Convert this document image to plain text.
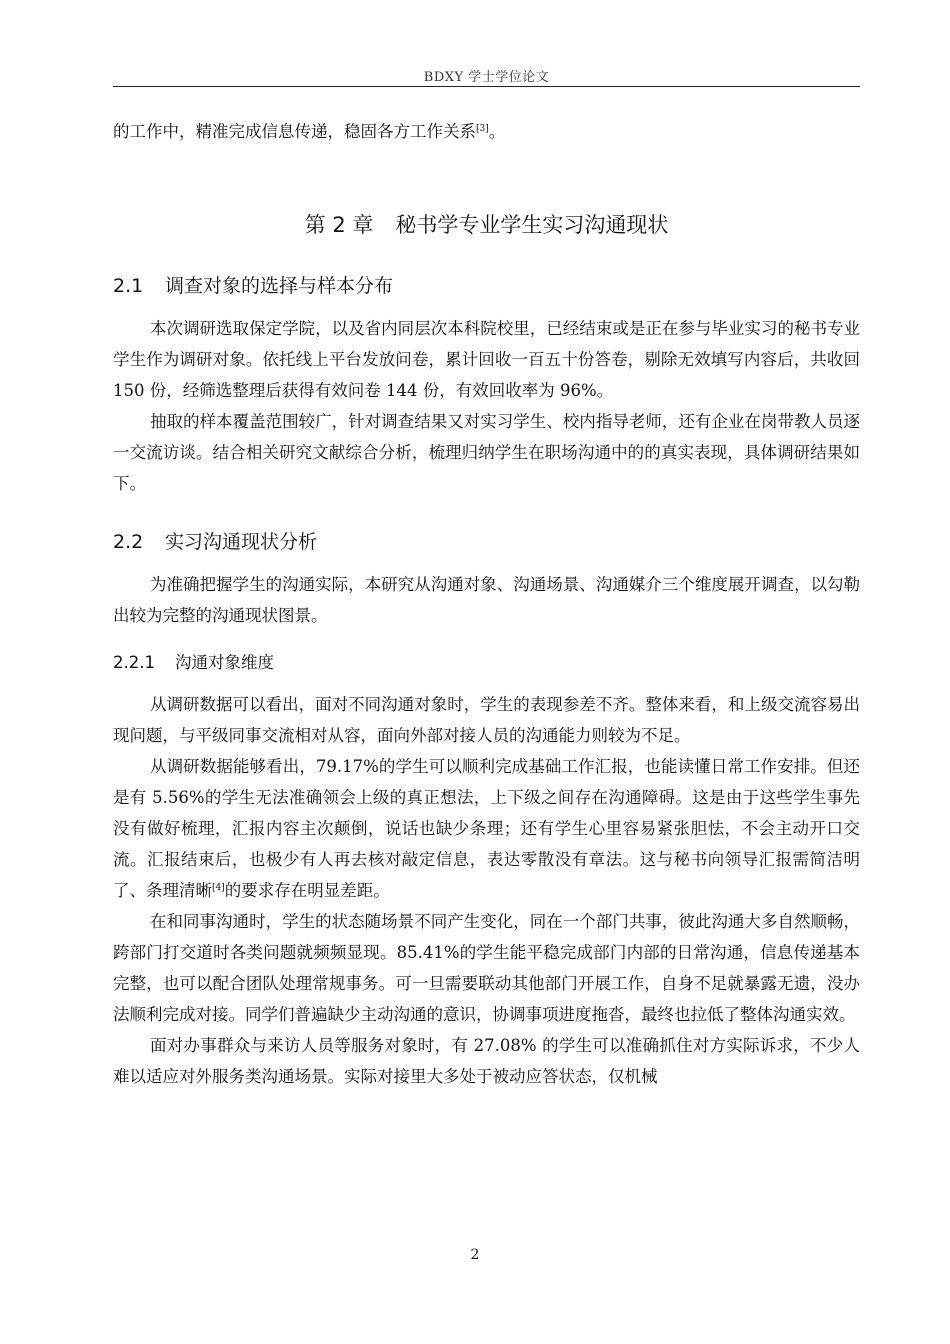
BDXY 学士学位论文

的工作中，精准完成信息传递，稳固各方工作关系[3]。

第 2 章 秘书学专业学生实习沟通现状
2.1 调查对象的选择与样本分布

本次调研选取保定学院，以及省内同层次本科院校里，已经结束或是正在参与毕业实习的秘书专业学生作为调研对象。依托线上平台发放问卷，累计回收一百五十份答卷，剔除无效填写内容后，共收回 150 份，经筛选整理后获得有效问卷 144 份，有效回收率为 96%。

抽取的样本覆盖范围较广，针对调查结果又对实习学生、校内指导老师，还有企业在岗带教人员逐一交流访谈。结合相关研究文献综合分析，梳理归纳学生在职场沟通中的的真实表现，具体调研结果如下。

2.2 实习沟通现状分析

为准确把握学生的沟通实际，本研究从沟通对象、沟通场景、沟通媒介三个维度展开调查，以勾勒出较为完整的沟通现状图景。

2.2.1 沟通对象维度

从调研数据可以看出，面对不同沟通对象时，学生的表现参差不齐。整体来看，和上级交流容易出现问题，与平级同事交流相对从容，面向外部对接人员的沟通能力则较为不足。

从调研数据能够看出，79.17%的学生可以顺利完成基础工作汇报，也能读懂日常工作安排。但还是有 5.56%的学生无法准确领会上级的真正想法，上下级之间存在沟通障碍。这是由于这些学生事先没有做好梳理，汇报内容主次颠倒，说话也缺少条理；还有学生心里容易紧张胆怯，不会主动开口交流。汇报结束后，也极少有人再去核对敲定信息，表达零散没有章法。这与秘书向领导汇报需简洁明了、条理清晰[4]的要求存在明显差距。

在和同事沟通时，学生的状态随场景不同产生变化，同在一个部门共事，彼此沟通大多自然顺畅，跨部门打交道时各类问题就频频显现。85.41%的学生能平稳完成部门内部的日常沟通，信息传递基本完整，也可以配合团队处理常规事务。可一旦需要联动其他部门开展工作，自身不足就暴露无遗，没办法顺利完成对接。同学们普遍缺少主动沟通的意识，协调事项进度拖沓，最终也拉低了整体沟通实效。

面对办事群众与来访人员等服务对象时，有 27.08% 的学生可以准确抓住对方实际诉求，不少人难以适应对外服务类沟通场景。实际对接里大多处于被动应答状态，仅机械

2
